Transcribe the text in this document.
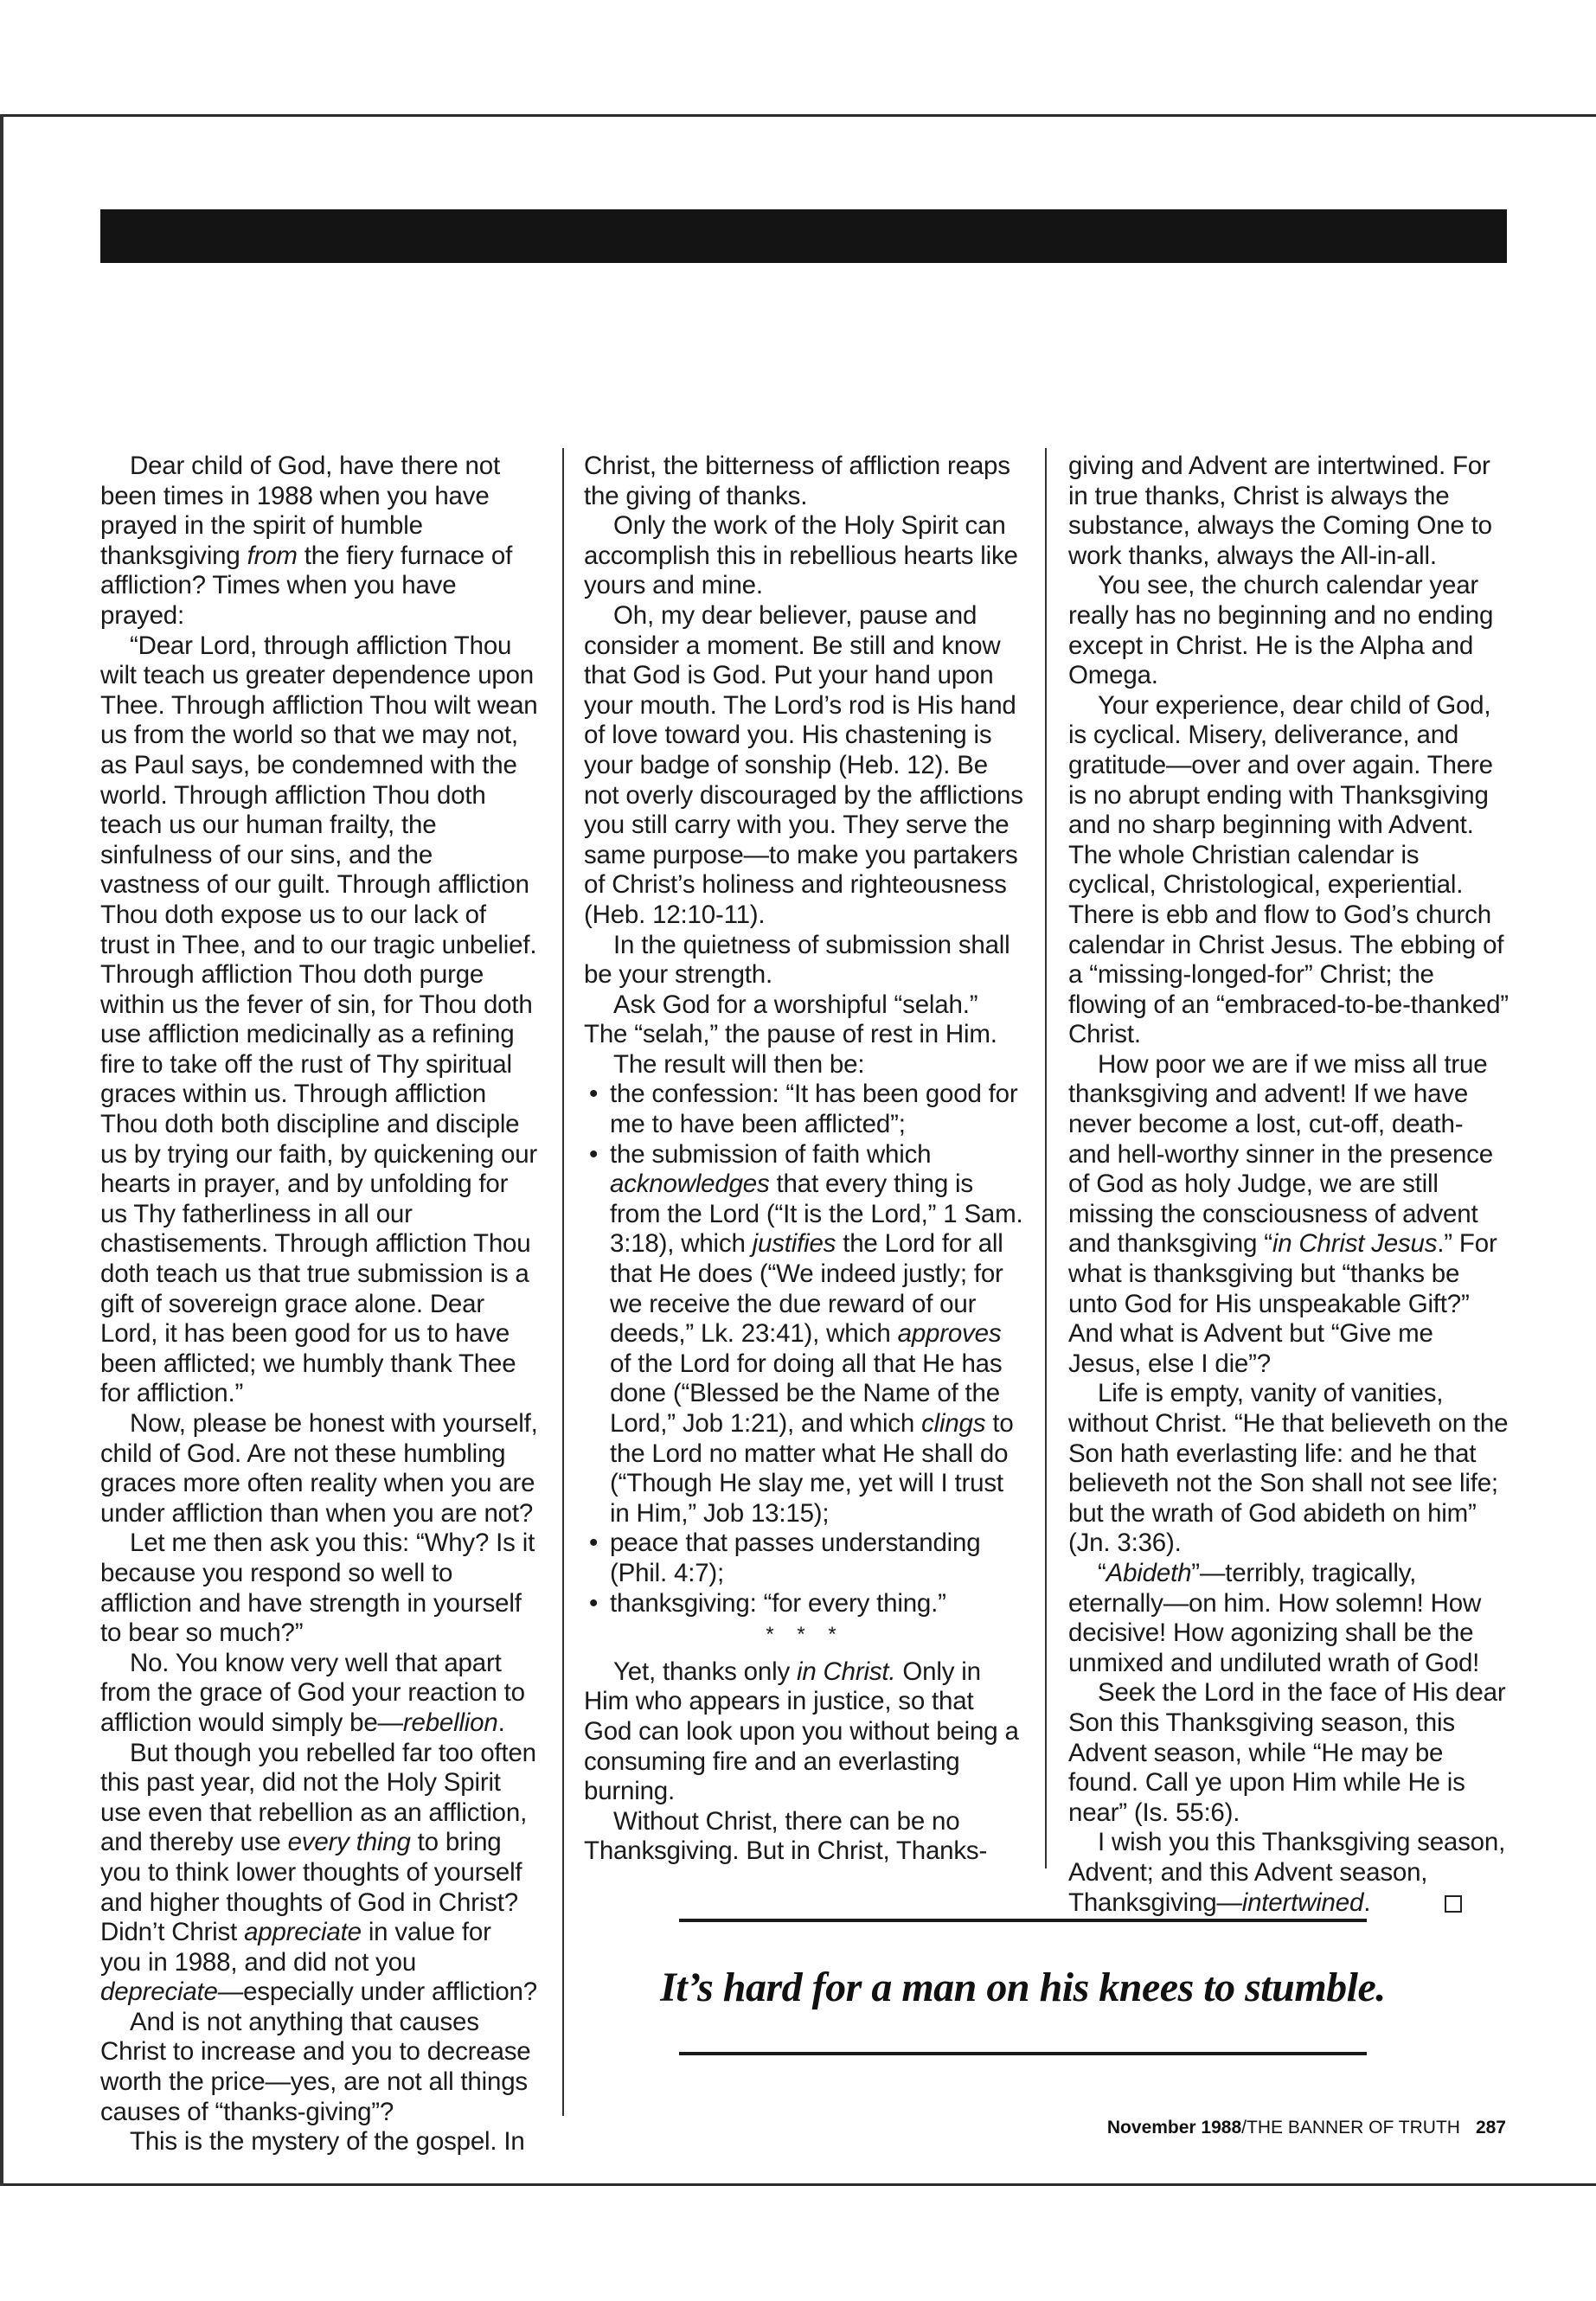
Dear child of God, have there not been times in 1988 when you have prayed in the spirit of humble thanksgiving from the fiery furnace of affliction? Times when you have prayed:

“Dear Lord, through affliction Thou wilt teach us greater dependence upon Thee. Through affliction Thou wilt wean us from the world so that we may not, as Paul says, be condemned with the world. Through affliction Thou doth teach us our human frailty, the sinfulness of our sins, and the vastness of our guilt. Through affliction Thou doth expose us to our lack of trust in Thee, and to our tragic unbelief. Through affliction Thou doth purge within us the fever of sin, for Thou doth use affliction medicinally as a refining fire to take off the rust of Thy spiritual graces within us. Through affliction Thou doth both discipline and disciple us by trying our faith, by quickening our hearts in prayer, and by unfolding for us Thy fatherliness in all our chastisements. Through affliction Thou doth teach us that true submission is a gift of sovereign grace alone. Dear Lord, it has been good for us to have been afflicted; we humbly thank Thee for affliction.”

Now, please be honest with yourself, child of God. Are not these humbling graces more often reality when you are under affliction than when you are not?

Let me then ask you this: “Why? Is it because you respond so well to affliction and have strength in yourself to bear so much?”

No. You know very well that apart from the grace of God your reaction to affliction would simply be—rebellion.

But though you rebelled far too often this past year, did not the Holy Spirit use even that rebellion as an affliction, and thereby use every thing to bring you to think lower thoughts of yourself and higher thoughts of God in Christ? Didn’t Christ appreciate in value for you in 1988, and did not you depreciate—especially under affliction?

And is not anything that causes Christ to increase and you to decrease worth the price—yes, are not all things causes of “thanks-giving”?

This is the mystery of the gospel. In

Christ, the bitterness of affliction reaps the giving of thanks.

Only the work of the Holy Spirit can accomplish this in rebellious hearts like yours and mine.

Oh, my dear believer, pause and consider a moment. Be still and know that God is God. Put your hand upon your mouth. The Lord’s rod is His hand of love toward you. His chastening is your badge of sonship (Heb. 12). Be not overly discouraged by the afflictions you still carry with you. They serve the same purpose—to make you partakers of Christ’s holiness and righteousness (Heb. 12:10-11).

In the quietness of submission shall be your strength.

Ask God for a worshipful “selah.” The “selah,” the pause of rest in Him.

The result will then be:

• the confession: “It has been good for me to have been afflicted”;
• the submission of faith which acknowledges that every thing is from the Lord (“It is the Lord,” 1 Sam. 3:18), which justifies the Lord for all that He does (“We indeed justly; for we receive the due reward of our deeds,” Lk. 23:41), which approves of the Lord for doing all that He has done (“Blessed be the Name of the Lord,” Job 1:21), and which clings to the Lord no matter what He shall do (“Though He slay me, yet will I trust in Him,” Job 13:15);
• peace that passes understanding (Phil. 4:7);
• thanksgiving: “for every thing.”
* * *

Yet, thanks only in Christ. Only in Him who appears in justice, so that God can look upon you without being a consuming fire and an everlasting burning.

Without Christ, there can be no Thanksgiving. But in Christ, Thanks-

giving and Advent are intertwined. For in true thanks, Christ is always the substance, always the Coming One to work thanks, always the All-in-all.

You see, the church calendar year really has no beginning and no ending except in Christ. He is the Alpha and Omega.

Your experience, dear child of God, is cyclical. Misery, deliverance, and gratitude—over and over again. There is no abrupt ending with Thanksgiving and no sharp beginning with Advent. The whole Christian calendar is cyclical, Christological, experiential. There is ebb and flow to God’s church calendar in Christ Jesus. The ebbing of a “missing-longed-for” Christ; the flowing of an “embraced-to-be-thanked” Christ.

How poor we are if we miss all true thanksgiving and advent! If we have never become a lost, cut-off, death- and hell-worthy sinner in the presence of God as holy Judge, we are still missing the consciousness of advent and thanksgiving “in Christ Jesus.” For what is thanksgiving but “thanks be unto God for His unspeakable Gift?” And what is Advent but “Give me Jesus, else I die”?

Life is empty, vanity of vanities, without Christ. “He that believeth on the Son hath everlasting life: and he that believeth not the Son shall not see life; but the wrath of God abideth on him” (Jn. 3:36).

“Abideth”—terribly, tragically, eternally—on him. How solemn! How decisive! How agonizing shall be the unmixed and undiluted wrath of God!

Seek the Lord in the face of His dear Son this Thanksgiving season, this Advent season, while “He may be found. Call ye upon Him while He is near” (Is. 55:6).

I wish you this Thanksgiving season, Advent; and this Advent season, Thanksgiving—intertwined.

It’s hard for a man on his knees to stumble.
November 1988/THE BANNER OF TRUTH 287
